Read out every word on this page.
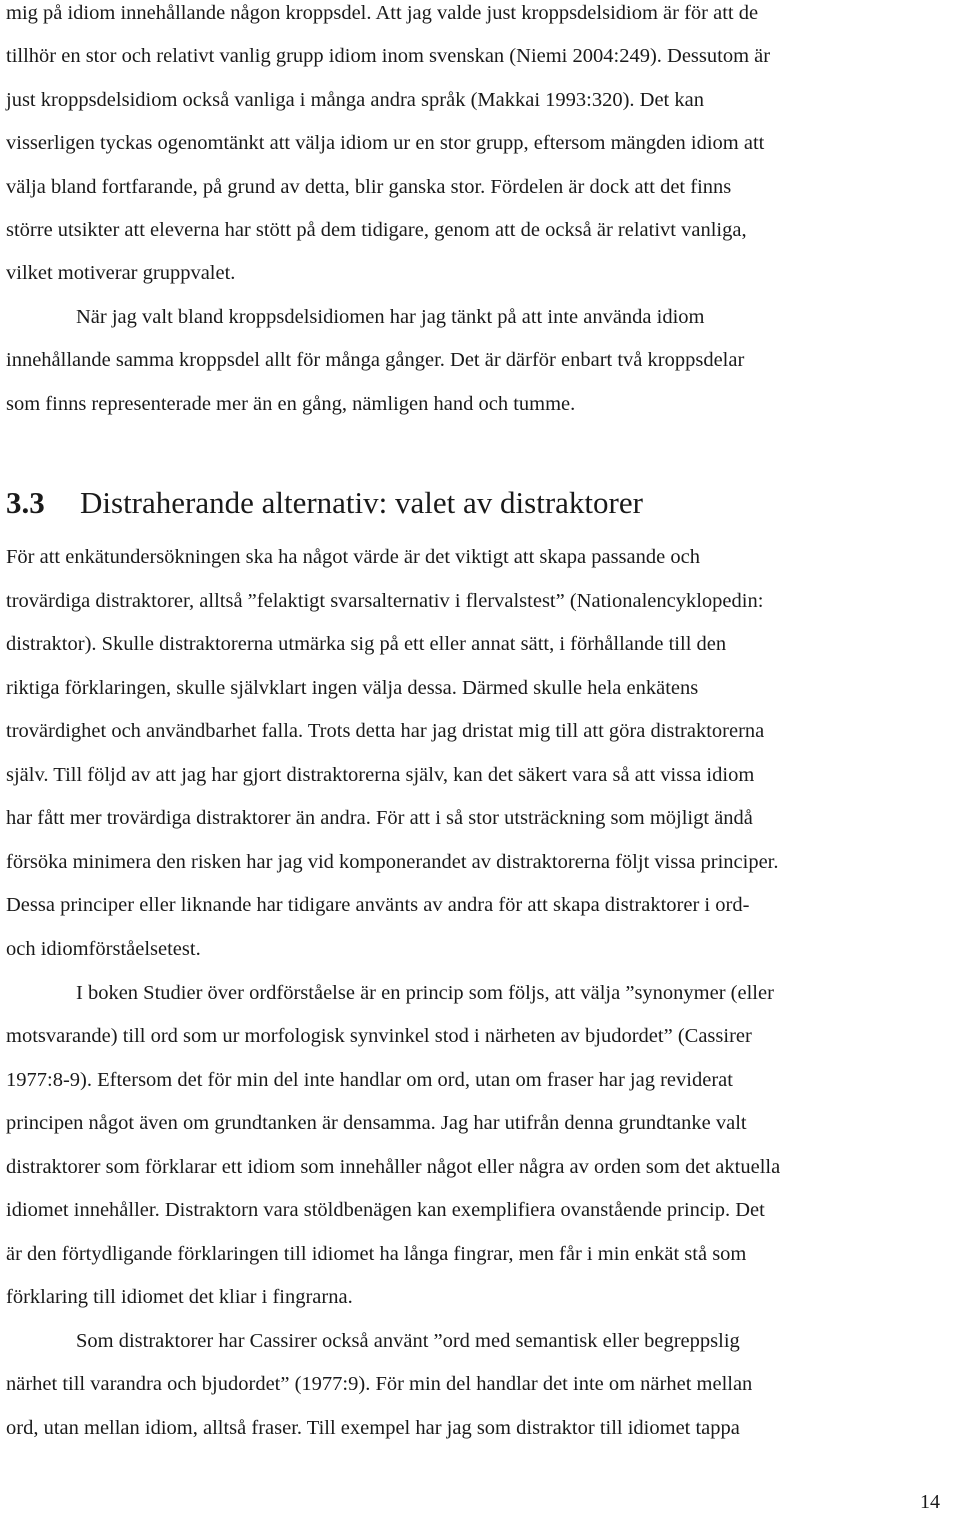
mig på idiom innehållande någon kroppsdel. Att jag valde just kroppsdelsidiom är för att de
tillhör en stor och relativt vanlig grupp idiom inom svenskan (Niemi 2004:249). Dessutom är
just kroppsdelsidiom också vanliga i många andra språk (Makkai 1993:320). Det kan
visserligen tyckas ogenomtänkt att välja idiom ur en stor grupp, eftersom mängden idiom att
välja bland fortfarande, på grund av detta, blir ganska stor. Fördelen är dock att det finns
större utsikter att eleverna har stött på dem tidigare, genom att de också är relativt vanliga,
vilket motiverar gruppvalet.
När jag valt bland kroppsdelsidiomen har jag tänkt på att inte använda idiom
innehållande samma kroppsdel allt för många gånger. Det är därför enbart två kroppsdelar
som finns representerade mer än en gång, nämligen hand och tumme.
3.3 Distraherande alternativ: valet av distraktorer
För att enkätundersökningen ska ha något värde är det viktigt att skapa passande och
trovärdiga distraktorer, alltså ”felaktigt svarsalternativ i flervalstest” (Nationalencyklopedin:
distraktor). Skulle distraktorerna utmärka sig på ett eller annat sätt, i förhållande till den
riktiga förklaringen, skulle självklart ingen välja dessa. Därmed skulle hela enkätens
trovärdighet och användbarhet falla. Trots detta har jag dristat mig till att göra distraktorerna
själv. Till följd av att jag har gjort distraktorerna själv, kan det säkert vara så att vissa idiom
har fått mer trovärdiga distraktorer än andra. För att i så stor utsträckning som möjligt ändå
försöka minimera den risken har jag vid komponerandet av distraktorerna följt vissa principer.
Dessa principer eller liknande har tidigare använts av andra för att skapa distraktorer i ord-
och idiomförståelsetest.
I boken Studier över ordförståelse är en princip som följs, att välja ”synonymer (eller
motsvarande) till ord som ur morfologisk synvinkel stod i närheten av bjudordet” (Cassirer
1977:8-9). Eftersom det för min del inte handlar om ord, utan om fraser har jag reviderat
principen något även om grundtanken är densamma. Jag har utifrån denna grundtanke valt
distraktorer som förklarar ett idiom som innehåller något eller några av orden som det aktuella
idiomet innehåller. Distraktorn vara stöldbenägen kan exemplifiera ovanstående princip. Det
är den förtydligande förklaringen till idiomet ha långa fingrar, men får i min enkät stå som
förklaring till idiomet det kliar i fingrarna.
Som distraktorer har Cassirer också använt ”ord med semantisk eller begreppslig
närhet till varandra och bjudordet” (1977:9). För min del handlar det inte om närhet mellan
ord, utan mellan idiom, alltså fraser. Till exempel har jag som distraktor till idiomet tappa
14
